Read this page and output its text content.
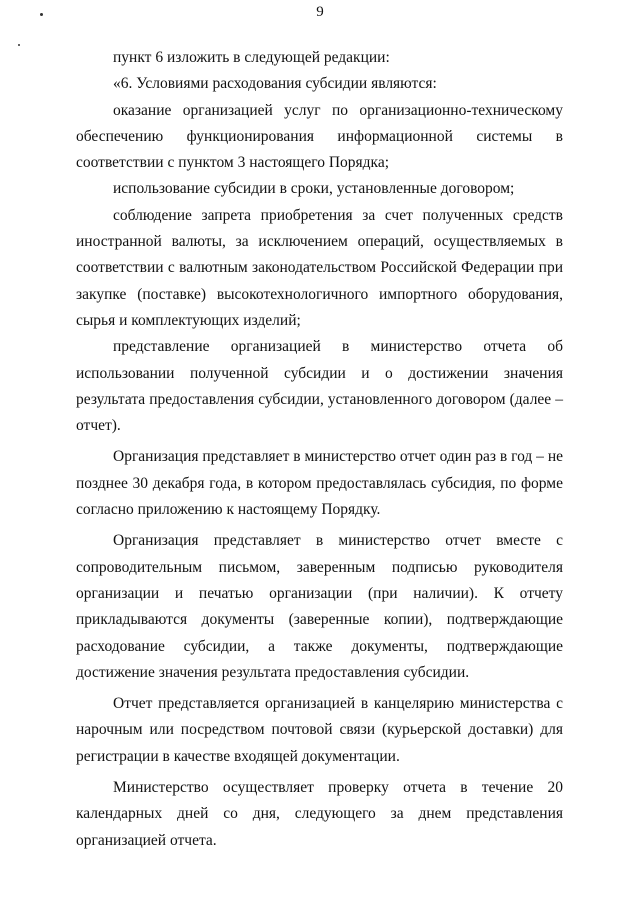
9

пункт 6 изложить в следующей редакции:

«6. Условиями расходования субсидии являются:

оказание организацией услуг по организационно-техническому обеспечению функционирования информационной системы в соответствии с пунктом 3 настоящего Порядка;

использование субсидии в сроки, установленные договором;

соблюдение запрета приобретения за счет полученных средств иностранной валюты, за исключением операций, осуществляемых в соответствии с валютным законодательством Российской Федерации при закупке (поставке) высокотехнологичного импортного оборудования, сырья и комплектующих изделий;

представление организацией в министерство отчета об использовании полученной субсидии и о достижении значения результата предоставления субсидии, установленного договором (далее – отчет).

Организация представляет в министерство отчет один раз в год – не позднее 30 декабря года, в котором предоставлялась субсидия, по форме согласно приложению к настоящему Порядку.

Организация представляет в министерство отчет вместе с сопроводительным письмом, заверенным подписью руководителя организации и печатью организации (при наличии). К отчету прикладываются документы (заверенные копии), подтверждающие расходование субсидии, а также документы, подтверждающие достижение значения результата предоставления субсидии.

Отчет представляется организацией в канцелярию министерства с нарочным или посредством почтовой связи (курьерской доставки) для регистрации в качестве входящей документации.

Министерство осуществляет проверку отчета в течение 20 календарных дней со дня, следующего за днем представления организацией отчета.
